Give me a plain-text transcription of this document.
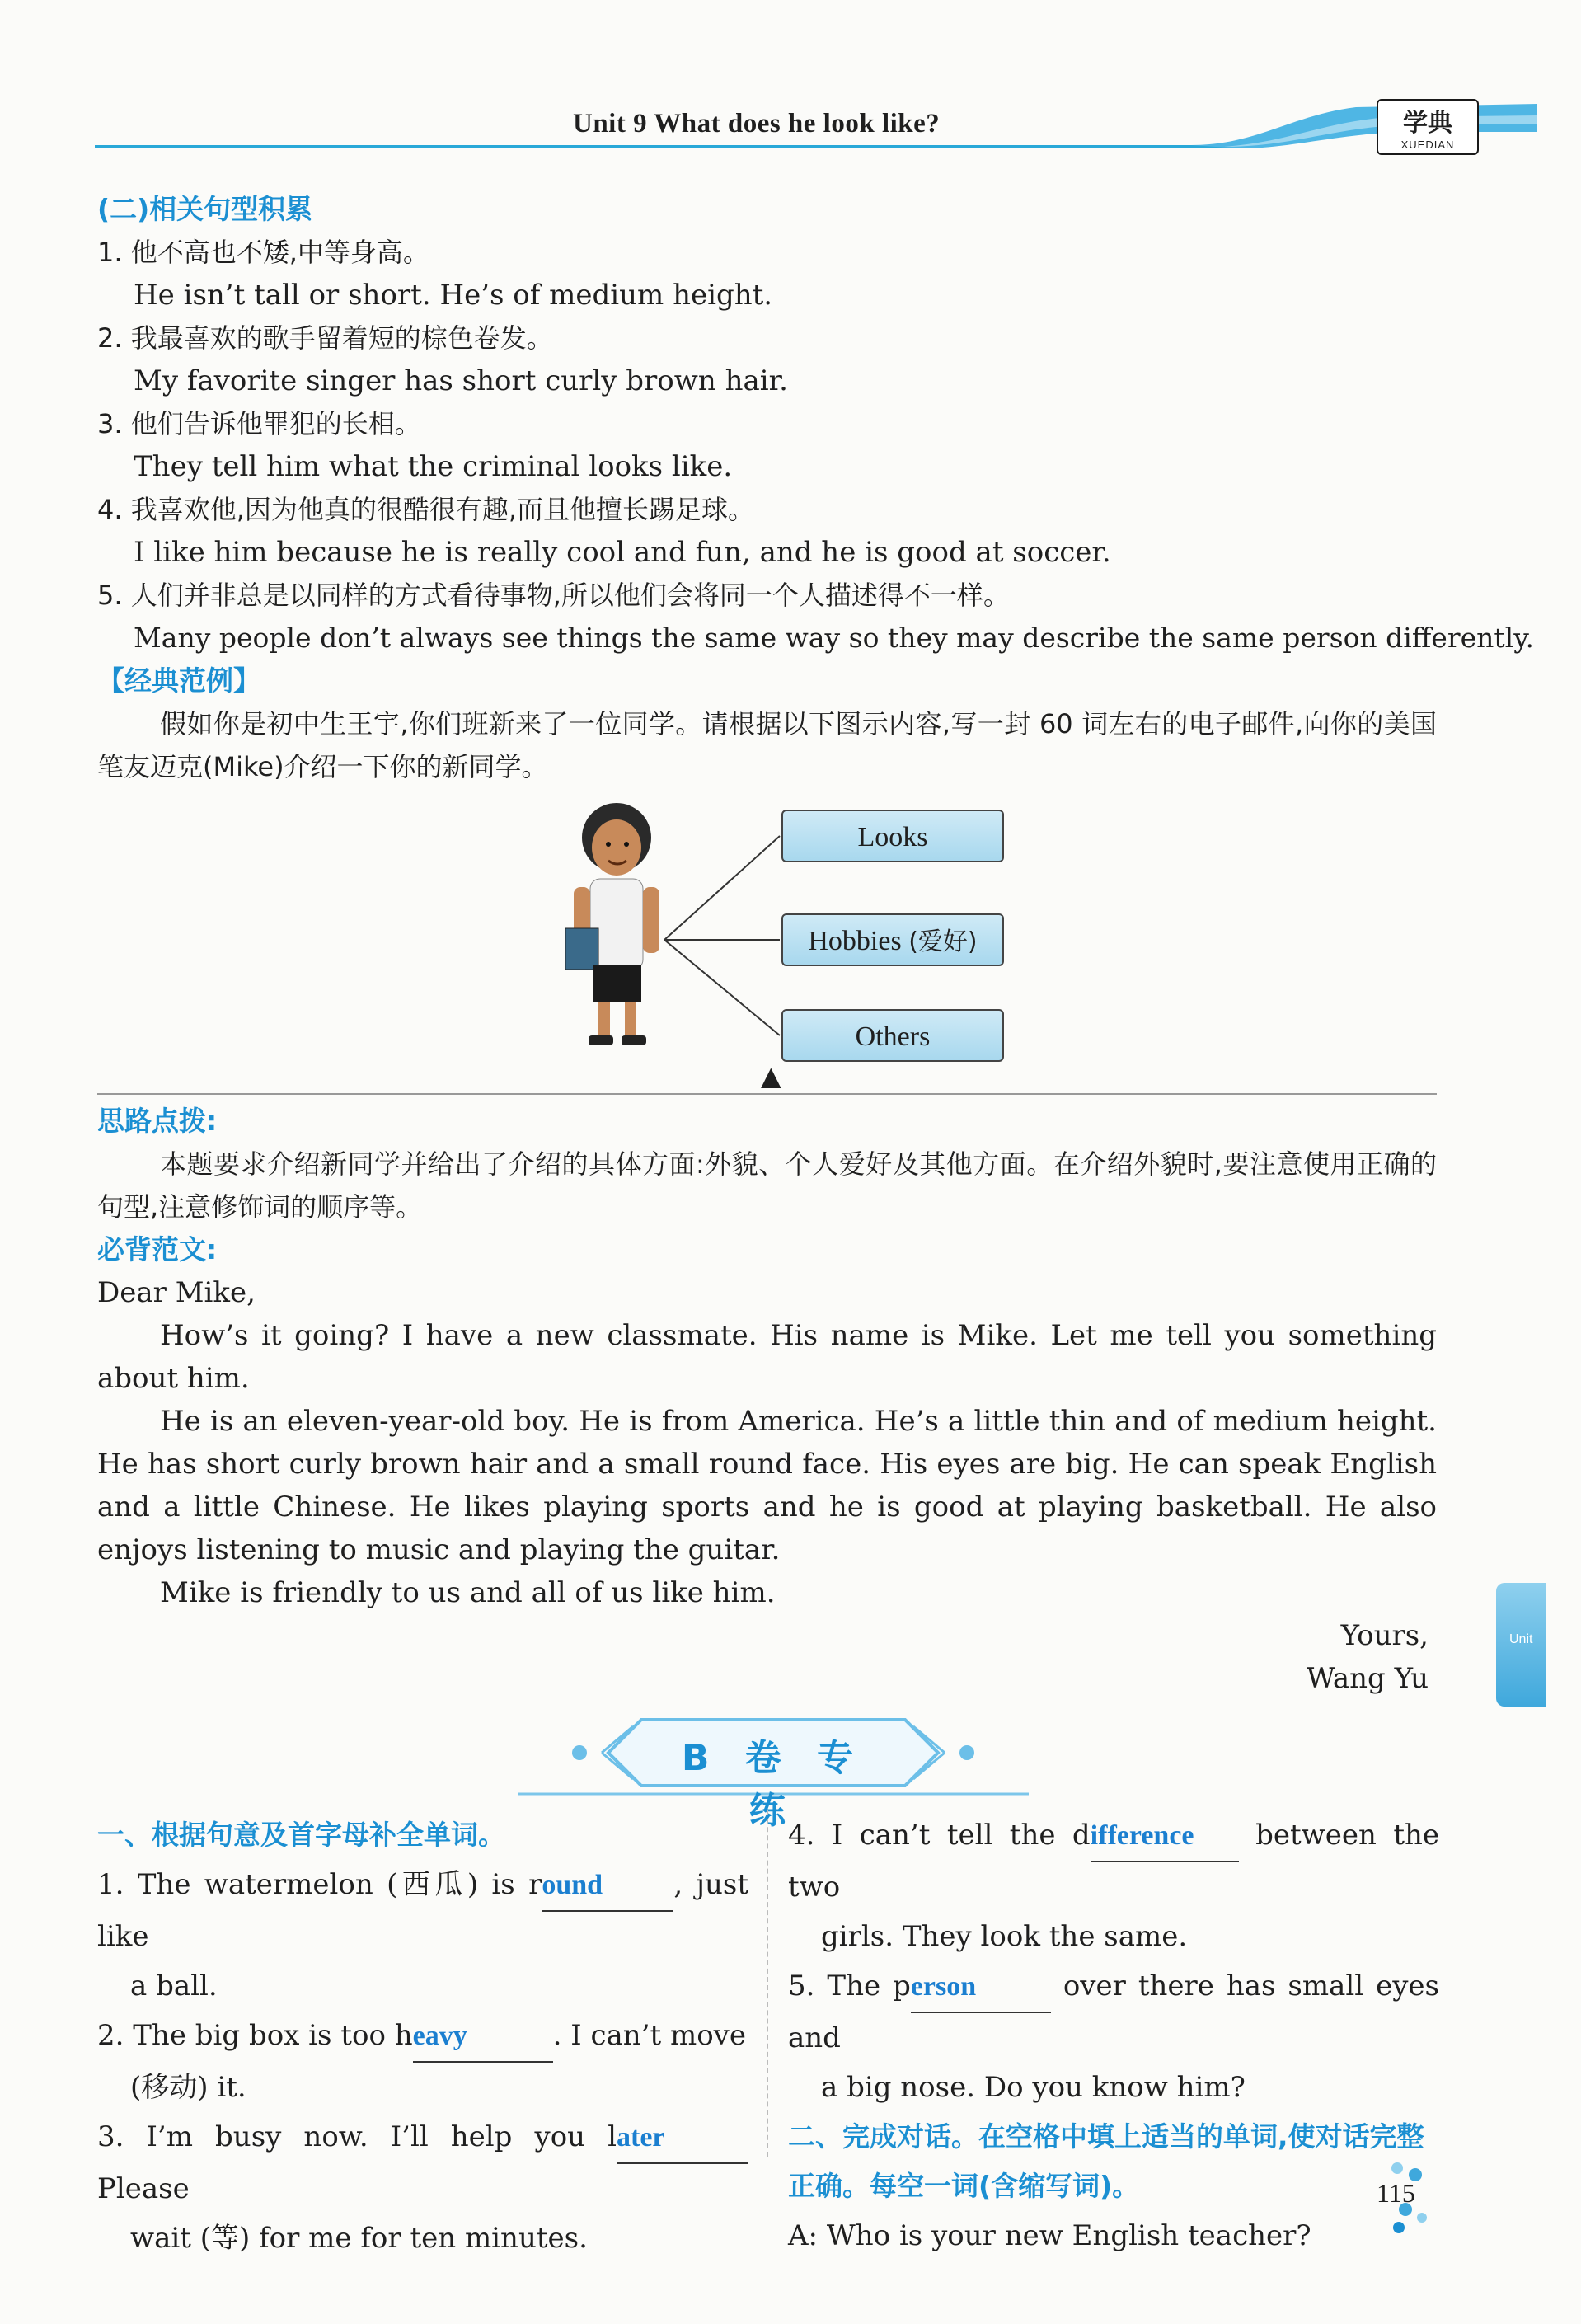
Unit 9 What does he look like?	学典
XUEDIAN
(二)相关句型积累
1. 他不高也不矮,中等身高。
He isn’t tall or short. He’s of medium height.
2. 我最喜欢的歌手留着短的棕色卷发。
My favorite singer has short curly brown hair.
3. 他们告诉他罪犯的长相。
They tell him what the criminal looks like.
4. 我喜欢他,因为他真的很酷很有趣,而且他擅长踢足球。
I like him because he is really cool and fun, and he is good at soccer.
5. 人们并非总是以同样的方式看待事物,所以他们会将同一个人描述得不一样。
Many people don’t always see things the same way so they may describe the same person differently.
【经典范例】
假如你是初中生王宇,你们班新来了一位同学。请根据以下图示内容,写一封 60 词左右的电子邮件,向你的美国笔友迈克(Mike)介绍一下你的新同学。
Looks
Hobbies (爱好)
Others
▲
思路点拨:
本题要求介绍新同学并给出了介绍的具体方面:外貌、个人爱好及其他方面。在介绍外貌时,要注意使用正确的句型,注意修饰词的顺序等。
必背范文:
Dear Mike,
How’s it going? I have a new classmate. His name is Mike. Let me tell you something about him.
He is an eleven-year-old boy. He is from America. He’s a little thin and of medium height. He has short curly brown hair and a small round face. His eyes are big. He can speak English and a little Chinese. He likes playing sports and he is good at playing basketball. He also enjoys listening to music and playing the guitar.
Mike is friendly to us and all of us like him.
Yours,
Wang Yu
B 卷 专 练
一、根据句意及首字母补全单词。
1. The watermelon (西瓜) is round	, just like
a ball.
2. The big box is too heavy	. I can’t move
(移动) it.
3. I’m busy now. I’ll help you later Please
wait (等) for me for ten minutes.
4. I can’t tell the difference between the two
girls. They look the same.
5. The person	over there has small eyes and
a big nose. Do you know him?
二、完成对话。在空格中填上适当的单词,使对话完整正确。每空一词(含缩写词)。
A: Who is your new English teacher?
Unit
115
